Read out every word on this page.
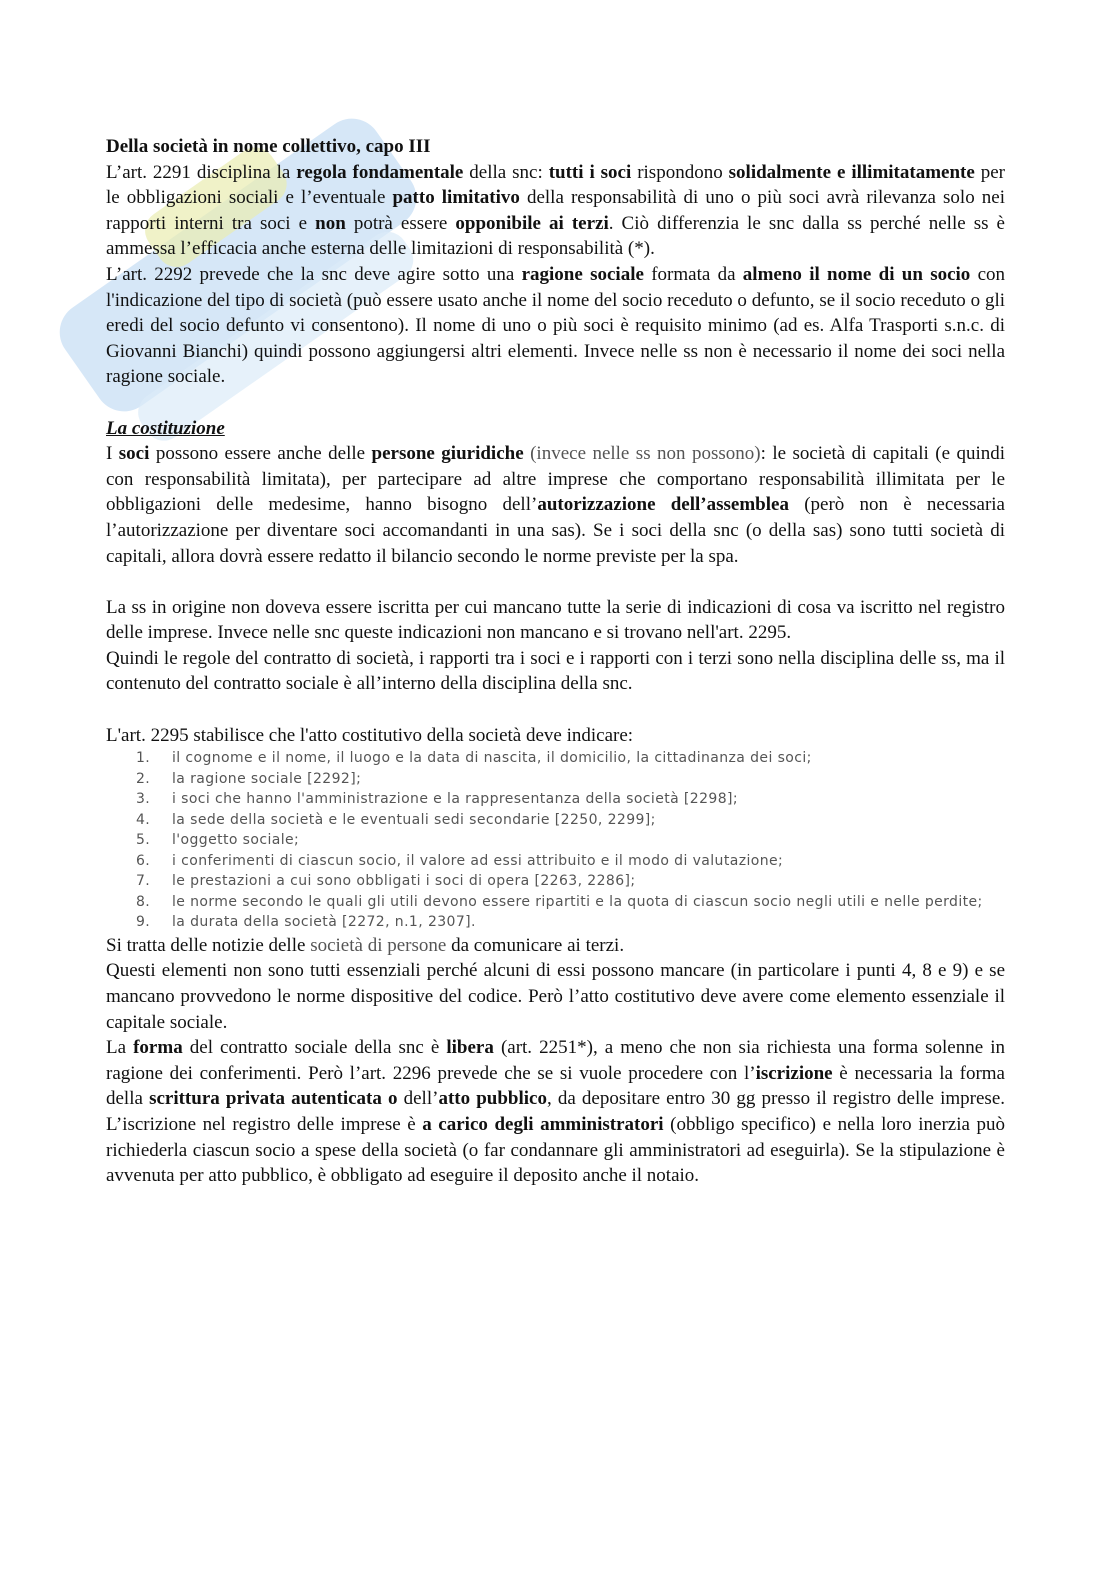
Della società in nome collettivo, capo III

L’art. 2291 disciplina la regola fondamentale della snc: tutti i soci rispondono solidalmente e illimitatamente per le obbligazioni sociali e l’eventuale patto limitativo della responsabilità di uno o più soci avrà rilevanza solo nei rapporti interni tra soci e non potrà essere opponibile ai terzi. Ciò differenzia le snc dalla ss perché nelle ss è ammessa l’efficacia anche esterna delle limitazioni di responsabilità (*).

L’art. 2292 prevede che la snc deve agire sotto una ragione sociale formata da almeno il nome di un socio con l'indicazione del tipo di società (può essere usato anche il nome del socio receduto o defunto, se il socio receduto o gli eredi del socio defunto vi consentono). Il nome di uno o più soci è requisito minimo (ad es. Alfa Trasporti s.n.c. di Giovanni Bianchi) quindi possono aggiungersi altri elementi. Invece nelle ss non è necessario il nome dei soci nella ragione sociale.

La costituzione

I soci possono essere anche delle persone giuridiche (invece nelle ss non possono): le società di capitali (e quindi con responsabilità limitata), per partecipare ad altre imprese che comportano responsabilità illimitata per le obbligazioni delle medesime, hanno bisogno dell’autorizzazione dell’assemblea (però non è necessaria l’autorizzazione per diventare soci accomandanti in una sas). Se i soci della snc (o della sas) sono tutti società di capitali, allora dovrà essere redatto il bilancio secondo le norme previste per la spa.

La ss in origine non doveva essere iscritta per cui mancano tutte la serie di indicazioni di cosa va iscritto nel registro delle imprese. Invece nelle snc queste indicazioni non mancano e si trovano nell'art. 2295.

Quindi le regole del contratto di società, i rapporti tra i soci e i rapporti con i terzi sono nella disciplina delle ss, ma il contenuto del contratto sociale è all’interno della disciplina della snc.

L'art. 2295 stabilisce che l'atto costitutivo della società deve indicare:

1. il cognome e il nome, il luogo e la data di nascita, il domicilio, la cittadinanza dei soci;
2. la ragione sociale [2292];
3. i soci che hanno l'amministrazione e la rappresentanza della società [2298];
4. la sede della società e le eventuali sedi secondarie [2250, 2299];
5. l'oggetto sociale;
6. i conferimenti di ciascun socio, il valore ad essi attribuito e il modo di valutazione;
7. le prestazioni a cui sono obbligati i soci di opera [2263, 2286];
8. le norme secondo le quali gli utili devono essere ripartiti e la quota di ciascun socio negli utili e nelle perdite;
9. la durata della società [2272, n.1, 2307].

Si tratta delle notizie delle società di persone da comunicare ai terzi.

Questi elementi non sono tutti essenziali perché alcuni di essi possono mancare (in particolare i punti 4, 8 e 9) e se mancano provvedono le norme dispositive del codice. Però l’atto costitutivo deve avere come elemento essenziale il capitale sociale.

La forma del contratto sociale della snc è libera (art. 2251*), a meno che non sia richiesta una forma solenne in ragione dei conferimenti. Però l’art. 2296 prevede che se si vuole procedere con l’iscrizione è necessaria la forma della scrittura privata autenticata o dell’atto pubblico, da depositare entro 30 gg presso il registro delle imprese. L’iscrizione nel registro delle imprese è a carico degli amministratori (obbligo specifico) e nella loro inerzia può richiederla ciascun socio a spese della società (o far condannare gli amministratori ad eseguirla). Se la stipulazione è avvenuta per atto pubblico, è obbligato ad eseguire il deposito anche il notaio.
